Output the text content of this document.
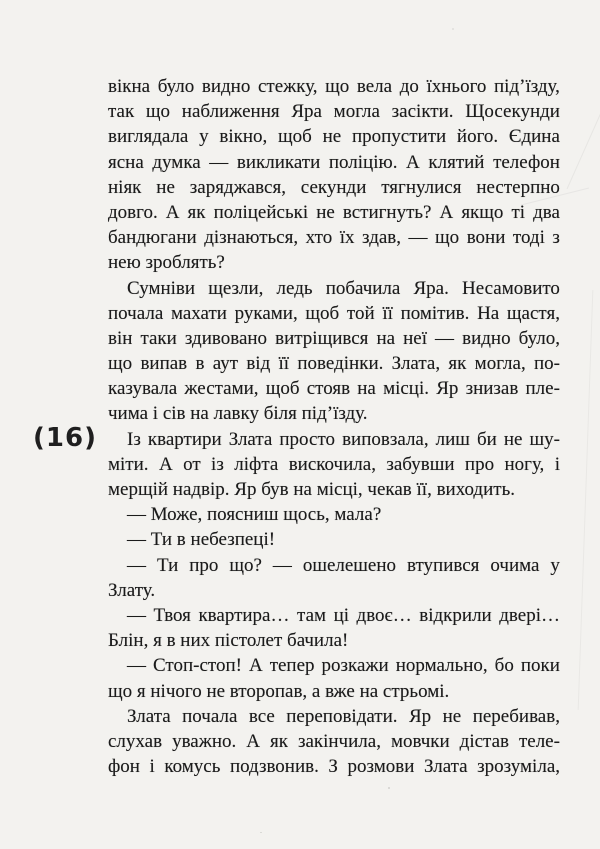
(16)
вікна було видно стежку, що вела до їхнього під’їзду,
так що наближення Яра могла засікти. Щосекунди
виглядала у вікно, щоб не пропустити його. Єдина
ясна думка — викликати поліцію. А клятий телефон
ніяк не заряджався, секунди тягнулися нестерпно
довго. А як поліцейські не встигнуть? А якщо ті два
бандюгани дізнаються, хто їх здав, — що вони тоді з
нею зроблять?
Сумніви щезли, ледь побачила Яра. Несамовито
почала махати руками, щоб той її помітив. На щастя,
він таки здивовано витріщився на неї — видно було,
що випав в аут від її поведінки. Злата, як могла, по-
казувала жестами, щоб стояв на місці. Яр знизав пле-
чима і сів на лавку біля під’їзду.
Із квартири Злата просто виповзала, лиш би не шу-
міти. А от із ліфта вискочила, забувши про ногу, і
мерщій надвір. Яр був на місці, чекав її, виходить.
— Може, поясниш щось, мала?
— Ти в небезпеці!
— Ти про що? — ошелешено втупився очима у
Злату.
— Твоя квартира… там ці двоє… відкрили двері…
Блін, я в них пістолет бачила!
— Стоп-стоп! А тепер розкажи нормально, бо поки
що я нічого не второпав, а вже на стрьомі.
Злата почала все переповідати. Яр не перебивав,
слухав уважно. А як закінчила, мовчки дістав теле-
фон і комусь подзвонив. З розмови Злата зрозуміла,
